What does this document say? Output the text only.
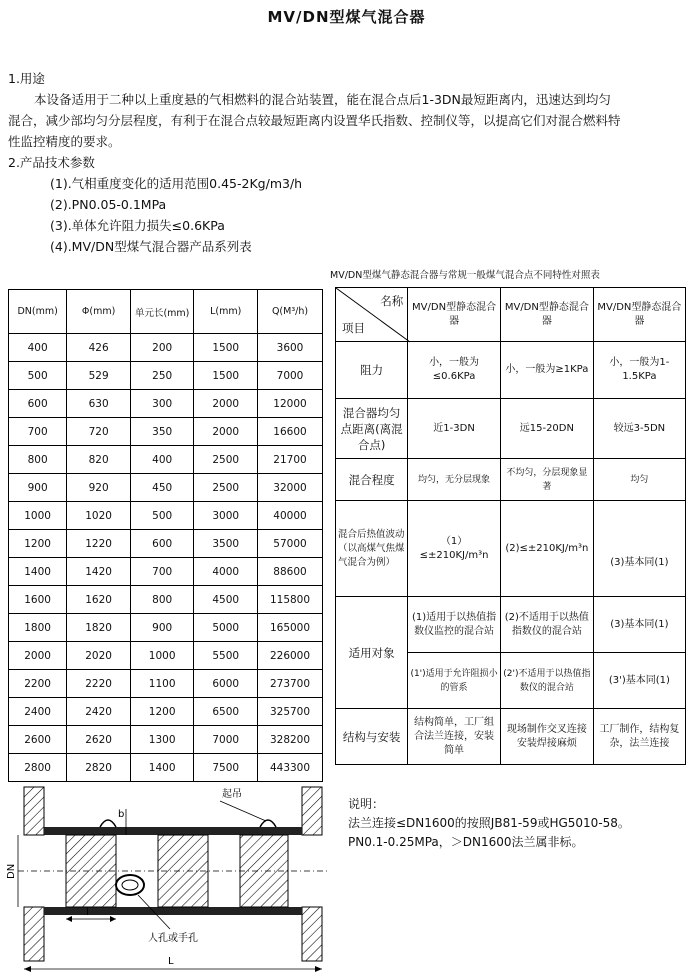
MV/DN型煤气混合器
1.用途
本设备适用于二种以上重度悬的气相燃料的混合站装置，能在混合点后1-3DN最短距离内，迅速达到均匀
混合，减少部均匀分层程度，有利于在混合点较最短距离内设置华氏指数、控制仪等，以提高它们对混合燃料特
性监控精度的要求。
2.产品技术参数
(1).气相重度变化的适用范围0.45-2Kg/m3/h
(2).PN0.05-0.1MPa
(3).单体允许阻力损失≤0.6KPa
(4).MV/DN型煤气混合器产品系列表
DN(mm)	Φ(mm)	单元长(mm)	L(mm)	Q(M³/h)
400	426	200	1500	3600
500	529	250	1500	7000
600	630	300	2000	12000
700	720	350	2000	16600
800	820	400	2500	21700
900	920	450	2500	32000
1000	1020	500	3000	40000
1200	1220	600	3500	57000
1400	1420	700	4000	88600
1600	1620	800	4500	115800
1800	1820	900	5000	165000
2000	2020	1000	5500	226000
2200	2220	1100	6000	273700
2400	2420	1200	6500	325700
2600	2620	1300	7000	328200
2800	2820	1400	7500	443300
MV/DN型煤气静态混合器与常规一般煤气混合点不同特性对照表
名称
项目	MV/DN型静态混合器	MV/DN型静态混合器	MV/DN型静态混合器
阻力	小，一般为≤0.6KPa	小，一般为≥1KPa	小，一般为1-1.5KPa
混合器均匀点距离(离混合点)	近1-3DN	远15-20DN	较远3-5DN
混合程度	均匀，无分层现象	不均匀，分层现象显著	均匀
混合后热值波动（以高煤气焦煤气混合为例）	（1）≤±210KJ/m³n	(2)≤±210KJ/m³n	(3)基本同(1)
适用对象	(1)适用于以热值指数仪监控的混合站	(2)不适用于以热值指数仪的混合站	(3)基本同(1)
	(1')适用于允许阻损小的管系	(2')不适用于以热值指数仪的混合站	(3')基本同(1)
结构与安装	结构简单，工厂组合法兰连接，安装简单	现场制作交叉连接安装焊接麻烦	工厂制作，结构复杂，法兰连接
说明：
法兰连接≤DN1600的按照JB81-59或HG5010-58。
PN0.1-0.25MPa，＞DN1600法兰属非标。
起吊
人孔或手孔
l
L
b
DN
